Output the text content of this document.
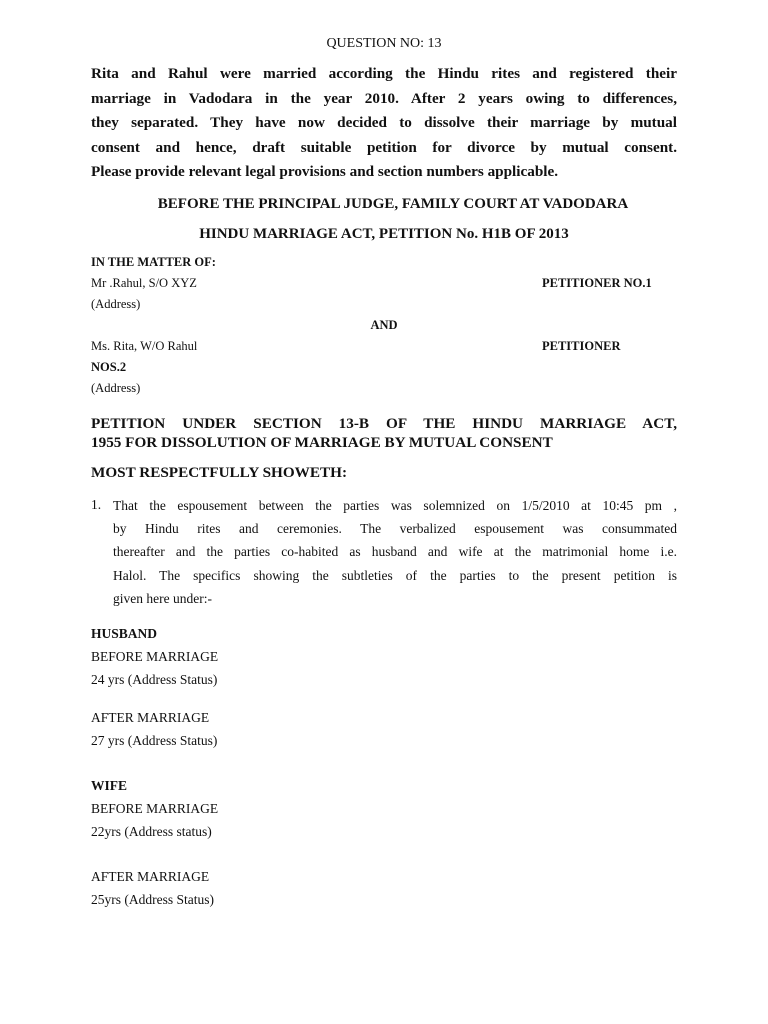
QUESTION NO: 13
Rita and Rahul were married according the Hindu rites and registered their
marriage in Vadodara in the year 2010. After 2 years owing to differences,
they separated. They have now decided to dissolve their marriage by mutual
consent and hence, draft suitable petition for divorce by mutual consent.
Please provide relevant legal provisions and section numbers applicable.
BEFORE THE PRINCIPAL JUDGE, FAMILY COURT AT VADODARA
HINDU MARRIAGE ACT, PETITION No. H1B OF 2013
IN THE MATTER OF:
Mr .Rahul, S/O XYZ	PETITIONER NO.1
(Address)
AND
Ms. Rita, W/O Rahul	PETITIONER
NOS.2
(Address)
PETITION UNDER SECTION 13-B OF THE HINDU MARRIAGE ACT,
1955 FOR DISSOLUTION OF MARRIAGE BY MUTUAL CONSENT
MOST RESPECTFULLY SHOWETH:
1. That the espousement between the parties was solemnized on 1/5/2010 at 10:45 pm ,
by Hindu rites and ceremonies. The verbalized espousement was consummated
thereafter and the parties co-habited as husband and wife at the matrimonial home i.e.
Halol. The specifics showing the subtleties of the parties to the present petition is
given here under:-
HUSBAND
BEFORE MARRIAGE
24 yrs (Address Status)
AFTER MARRIAGE
27 yrs (Address Status)
WIFE
BEFORE MARRIAGE
22yrs (Address status)
AFTER MARRIAGE
25yrs (Address Status)
